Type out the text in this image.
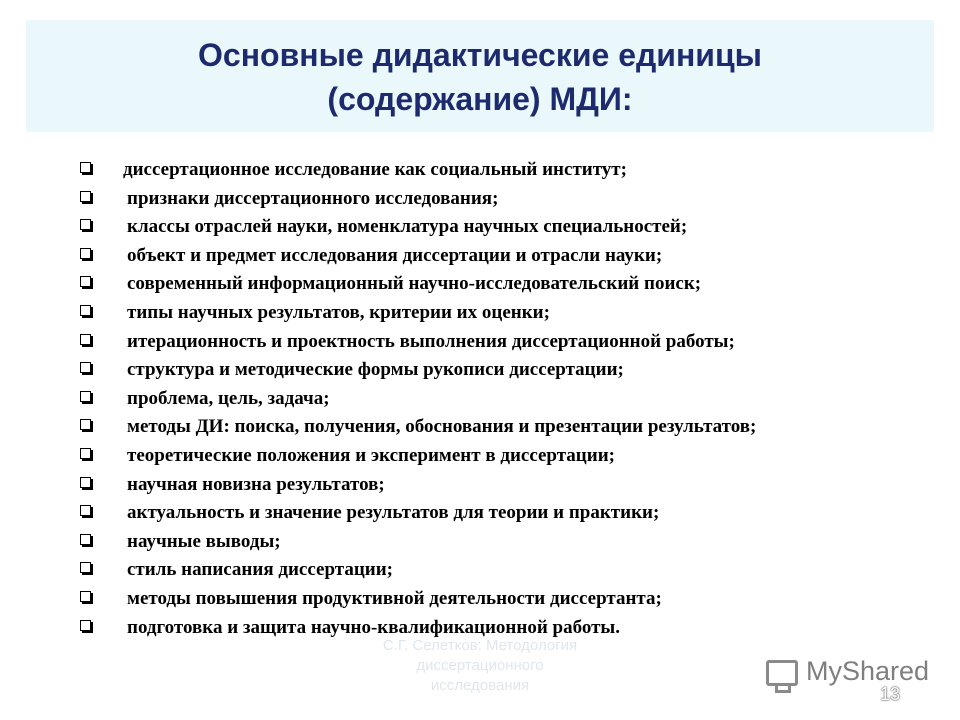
Основные дидактические единицы
(содержание) МДИ:
диссертационное исследование как социальный институт;
признаки диссертационного исследования;
классы отраслей науки, номенклатура научных специальностей;
объект и предмет исследования диссертации и отрасли науки;
современный информационный научно-исследовательский поиск;
типы научных результатов, критерии их оценки;
итерационность и проектность выполнения диссертационной работы;
структура и методические формы рукописи диссертации;
проблема, цель, задача;
методы ДИ: поиска, получения, обоснования и презентации результатов;
теоретические положения и эксперимент в диссертации;
научная новизна результатов;
актуальность и значение результатов для теории и практики;
научные выводы;
стиль написания диссертации;
методы повышения продуктивной деятельности диссертанта;
подготовка и защита научно-квалификационной работы.
С.Г. Селетков: Методология
диссертационного
исследования	MyShared
13
